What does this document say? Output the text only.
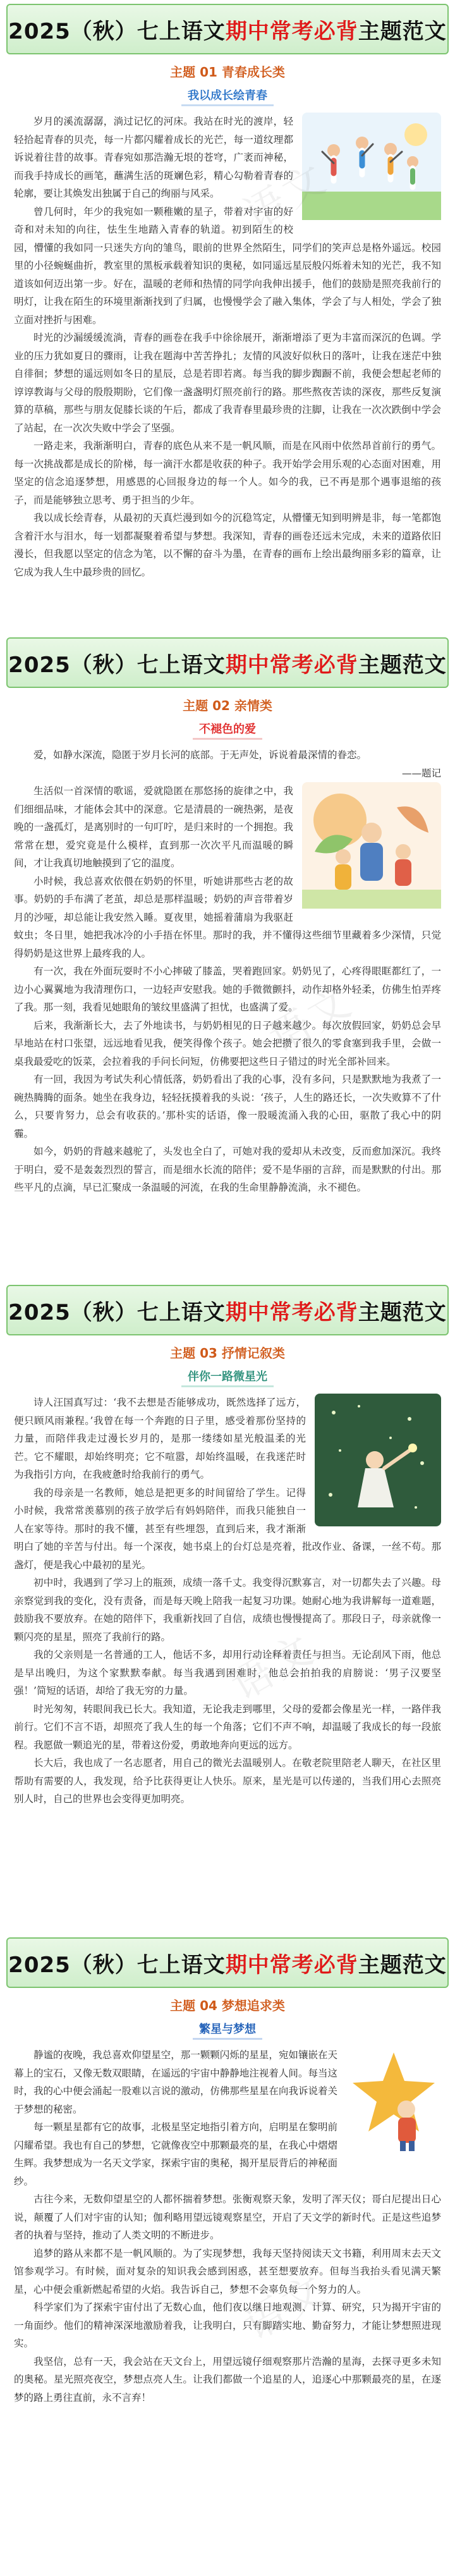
2025（秋）七上语文 期中常考必背 主题范文
主题 01 青春成长类
我以成长绘青春

岁月的溪流潺潺，淌过记忆的河床。我站在时光的渡岸，轻轻拾起青春的贝壳，每一片都闪耀着成长的光芒，每一道纹理都诉说着往昔的故事。青春宛如那浩瀚无垠的苍穹，广袤而神秘，而我手持成长的画笔，蘸满生活的斑斓色彩，精心勾勒着青春的轮廓，要让其焕发出独属于自己的绚丽与风采。

曾几何时，年少的我宛如一颗稚嫩的星子，带着对宇宙的好奇和对未知的向往，怯生生地踏入青春的轨道。初到陌生的校园，懵懂的我如同一只迷失方向的雏鸟，眼前的世界全然陌生，同学们的笑声总是格外遥远。校园里的小径蜿蜒曲折，教室里的黑板承载着知识的奥秘，如同遥远星辰般闪烁着未知的光芒，我不知道该如何迈出第一步。好在，温暖的老师和热情的同学向我伸出援手，他们的鼓励是照亮我前行的明灯，让我在陌生的环境里渐渐找到了归属，也慢慢学会了融入集体，学会了与人相处，学会了独立面对挫折与困难。

时光的沙漏缓缓流淌，青春的画卷在我手中徐徐展开，渐渐增添了更为丰富而深沉的色调。学业的压力犹如夏日的骤雨，让我在题海中苦苦挣扎；友情的风波好似秋日的落叶，让我在迷茫中独自徘徊；梦想的遥远则如冬日的星辰，总是若即若离。每当我的脚步踟蹰不前，我便会想起老师的谆谆教诲与父母的殷殷期盼，它们像一盏盏明灯照亮前行的路。那些熬夜苦读的深夜，那些反复演算的草稿，那些与朋友促膝长谈的午后，都成了我青春里最珍贵的注脚，让我在一次次跌倒中学会了站起，在一次次失败中学会了坚强。

一路走来，我渐渐明白，青春的底色从来不是一帆风顺，而是在风雨中依然昂首前行的勇气。每一次挑战都是成长的阶梯，每一滴汗水都是收获的种子。我开始学会用乐观的心态面对困难，用坚定的信念追逐梦想，用感恩的心回报身边的每一个人。如今的我，已不再是那个遇事退缩的孩子，而是能够独立思考、勇于担当的少年。

我以成长绘青春，从最初的天真烂漫到如今的沉稳笃定，从懵懂无知到明辨是非，每一笔都饱含着汗水与泪水，每一划都凝聚着希望与梦想。我深知，青春的画卷还远未完成，未来的道路依旧漫长，但我愿以坚定的信念为笔，以不懈的奋斗为墨，在青春的画布上绘出最绚丽多彩的篇章，让它成为我人生中最珍贵的回忆。

语文
2025（秋）七上语文 期中常考必背 主题范文
主题 02 亲情类
不褪色的爱

爱，如静水深流，隐匿于岁月长河的底部。于无声处，诉说着最深情的眷恋。

——题记

生活似一首深情的歌谣，爱就隐匿在那悠扬的旋律之中，我们细细品味，才能体会其中的深意。它是清晨的一碗热粥，是夜晚的一盏孤灯，是离别时的一句叮咛，是归来时的一个拥抱。我常常在想，爱究竟是什么模样，直到那一次次平凡而温暖的瞬间，才让我真切地触摸到了它的温度。

小时候，我总喜欢依偎在奶奶的怀里，听她讲那些古老的故事。奶奶的手布满了老茧，却总是那样温暖；奶奶的声音带着岁月的沙哑，却总能让我安然入睡。夏夜里，她摇着蒲扇为我驱赶蚊虫；冬日里，她把我冰冷的小手捂在怀里。那时的我，并不懂得这些细节里藏着多少深情，只觉得奶奶是这世界上最疼我的人。

有一次，我在外面玩耍时不小心摔破了膝盖，哭着跑回家。奶奶见了，心疼得眼眶都红了，一边小心翼翼地为我清理伤口，一边轻声安慰我。她的手微微颤抖，动作却格外轻柔，仿佛生怕弄疼了我。那一刻，我看见她眼角的皱纹里盛满了担忧，也盛满了爱。

后来，我渐渐长大，去了外地读书，与奶奶相见的日子越来越少。每次放假回家，奶奶总会早早地站在村口张望，远远地看见我，便笑得像个孩子。她会把攒了很久的零食塞到我手里，会做一桌我最爱吃的饭菜，会拉着我的手问长问短，仿佛要把这些日子错过的时光全部补回来。

有一回，我因为考试失利心情低落，奶奶看出了我的心事，没有多问，只是默默地为我煮了一碗热腾腾的面条。她坐在我身边，轻轻抚摸着我的头说：‘孩子，人生的路还长，一次失败算不了什么，只要肯努力，总会有收获的。’那朴实的话语，像一股暖流涌入我的心田，驱散了我心中的阴霾。

如今，奶奶的背越来越驼了，头发也全白了，可她对我的爱却从未改变，反而愈加深沉。我终于明白，爱不是轰轰烈烈的誓言，而是细水长流的陪伴；爱不是华丽的言辞，而是默默的付出。那些平凡的点滴，早已汇聚成一条温暖的河流，在我的生命里静静流淌，永不褪色。

语文
2025（秋）七上语文 期中常考必背 主题范文
主题 03 抒情记叙类
伴你一路微星光

诗人汪国真写过：‘我不去想是否能够成功，既然选择了远方，便只顾风雨兼程。’我曾在每一个奔跑的日子里，感受着那份坚持的力量，而陪伴我走过漫长岁月的，是那一缕缕如星光般温柔的光芒。它不耀眼，却始终明亮；它不喧嚣，却始终温暖，在我迷茫时为我指引方向，在我疲惫时给我前行的勇气。

我的母亲是一名教师，她总是把更多的时间留给了学生。记得小时候，我常常羡慕别的孩子放学后有妈妈陪伴，而我只能独自一人在家等待。那时的我不懂，甚至有些埋怨，直到后来，我才渐渐明白了她的辛苦与付出。每一个深夜，她书桌上的台灯总是亮着，批改作业、备课，一丝不苟。那盏灯，便是我心中最初的星光。

初中时，我遇到了学习上的瓶颈，成绩一落千丈。我变得沉默寡言，对一切都失去了兴趣。母亲察觉到我的变化，没有责备，而是每天晚上陪我一起复习功课。她耐心地为我讲解每一道难题，鼓励我不要放弃。在她的陪伴下，我重新找回了自信，成绩也慢慢提高了。那段日子，母亲就像一颗闪亮的星星，照亮了我前行的路。

我的父亲则是一名普通的工人，他话不多，却用行动诠释着责任与担当。无论刮风下雨，他总是早出晚归，为这个家默默奉献。每当我遇到困难时，他总会拍拍我的肩膀说：‘男子汉要坚强！’简短的话语，却给了我无穷的力量。

时光匆匆，转眼间我已长大。我知道，无论我走到哪里，父母的爱都会像星光一样，一路伴我前行。它们不言不语，却照亮了我人生的每一个角落；它们不声不响，却温暖了我成长的每一段旅程。我愿做一颗追光的星，带着这份爱，勇敢地奔向更远的远方。

长大后，我也成了一名志愿者，用自己的微光去温暖别人。在敬老院里陪老人聊天，在社区里帮助有需要的人，我发现，给予比获得更让人快乐。原来，星光是可以传递的，当我们用心去照亮别人时，自己的世界也会变得更加明亮。

语文
2025（秋）七上语文 期中常考必背 主题范文
主题 04 梦想追求类
繁星与梦想

静谧的夜晚，我总喜欢仰望星空，那一颗颗闪烁的星星，宛如镶嵌在天幕上的宝石，又像无数双眼睛，在遥远的宇宙中静静地注视着人间。每当这时，我的心中便会涌起一股难以言说的激动，仿佛那些星星在向我诉说着关于梦想的秘密。

每一颗星星都有它的故事，北极星坚定地指引着方向，启明星在黎明前闪耀希望。我也有自己的梦想，它就像夜空中那颗最亮的星，在我心中熠熠生辉。我梦想成为一名天文学家，探索宇宙的奥秘，揭开星辰背后的神秘面纱。

古往今来，无数仰望星空的人都怀揣着梦想。张衡观察天象，发明了浑天仪；哥白尼提出日心说，颠覆了人们对宇宙的认知；伽利略用望远镜观察星空，开启了天文学的新时代。正是这些追梦者的执着与坚持，推动了人类文明的不断进步。

追梦的路从来都不是一帆风顺的。为了实现梦想，我每天坚持阅读天文书籍，利用周末去天文馆参观学习。有时候，面对复杂的知识我会感到困惑，甚至想要放弃。但每当我抬头看见满天繁星，心中便会重新燃起希望的火焰。我告诉自己，梦想不会辜负每一个努力的人。

科学家们为了探索宇宙付出了无数心血，他们夜以继日地观测、计算、研究，只为揭开宇宙的一角面纱。他们的精神深深地激励着我，让我明白，只有脚踏实地、勤奋努力，才能让梦想照进现实。

我坚信，总有一天，我会站在天文台上，用望远镜仔细观察那片浩瀚的星海，去探寻更多未知的奥秘。星光照亮夜空，梦想点亮人生。让我们都做一个追星的人，追逐心中那颗最亮的星，在逐梦的路上勇往直前，永不言弃！

语文
